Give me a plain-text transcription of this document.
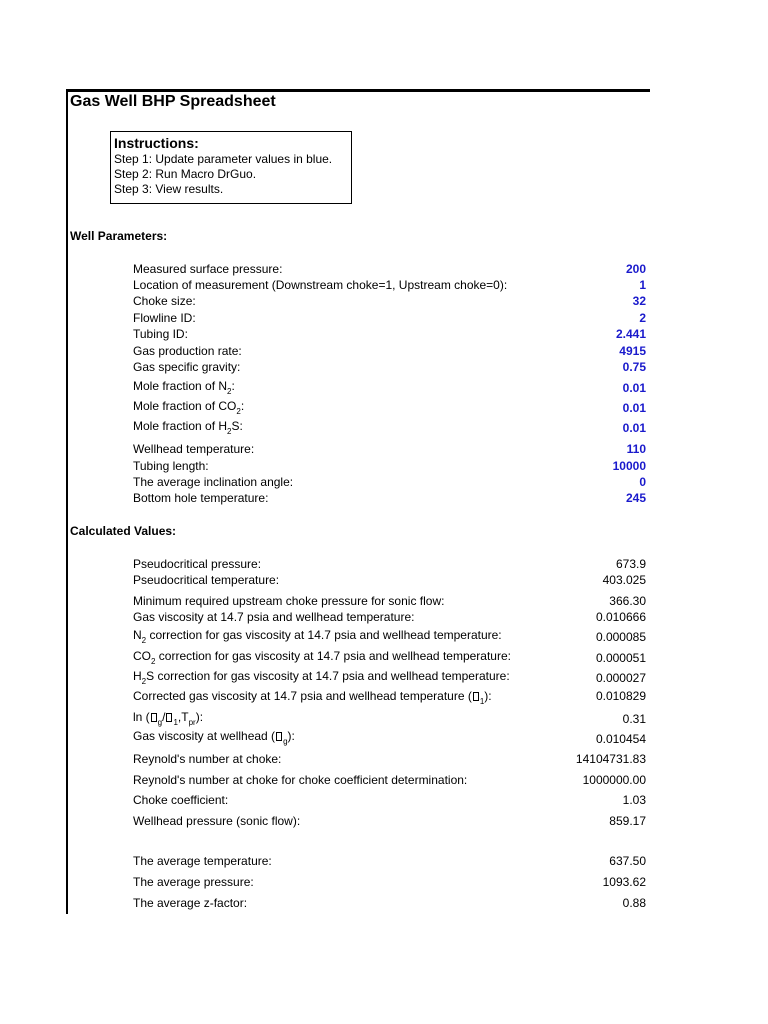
Gas Well BHP Spreadsheet
Instructions:
Step 1: Update parameter values in blue.
Step 2: Run Macro DrGuo.
Step 3: View results.
Well Parameters:
Measured surface pressure:	200
Location of measurement (Downstream choke=1, Upstream choke=0):	1
Choke size:	32
Flowline ID:	2
Tubing ID:	2.441
Gas production rate:	4915
Gas specific gravity:	0.75
Mole fraction of $N_2$:	0.01
Mole fraction of $CO_2$:	0.01
Mole fraction of $H_2S$:	0.01
Wellhead temperature:	110
Tubing length:	10000
The average inclination angle:	0
Bottom hole temperature:	245
Calculated Values:
Pseudocritical pressure:	673.9
Pseudocritical temperature:	403.025
Minimum required upstream choke pressure for sonic flow:	366.30
Gas viscosity at 14.7 psia and wellhead temperature:	0.010666
$N_2$ correction for gas viscosity at 14.7 psia and wellhead temperature:	0.000085
$CO_2$ correction for gas viscosity at 14.7 psia and wellhead temperature:	0.000051
$H_2S$ correction for gas viscosity at 14.7 psia and wellhead temperature:	0.000027
Corrected gas viscosity at 14.7 psia and wellhead temperature ( $_1$):	0.010829
ln ( $_g$/ $_1,T_{pr}$):	0.31
Gas viscosity at wellhead ( $_g$):	0.010454
Reynold's number at choke:	14104731.83
Reynold's number at choke for choke coefficient determination:	1000000.00
Choke coefficient:	1.03
Wellhead pressure (sonic flow):	859.17
The average temperature:	637.50
The average pressure:	1093.62
The average z-factor:	0.88
